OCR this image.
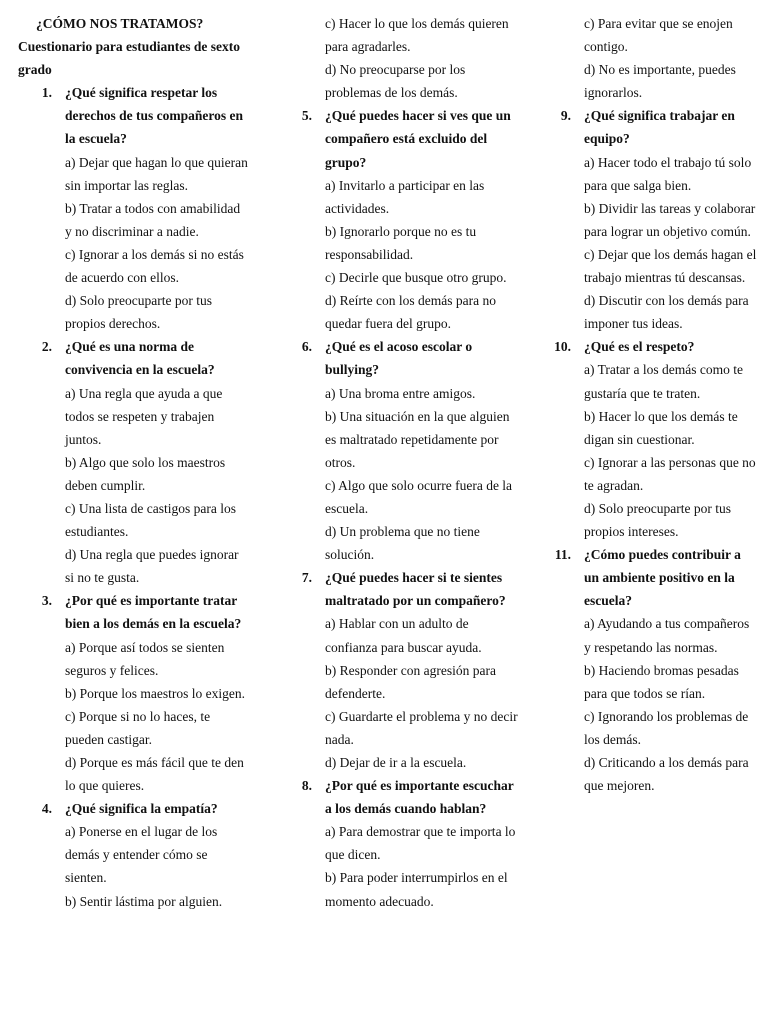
¿CÓMO NOS TRATAMOS?
Cuestionario para estudiantes de sexto grado
1. ¿Qué significa respetar los derechos de tus compañeros en la escuela?
a) Dejar que hagan lo que quieran sin importar las reglas.
b) Tratar a todos con amabilidad y no discriminar a nadie.
c) Ignorar a los demás si no estás de acuerdo con ellos.
d) Solo preocuparte por tus propios derechos.
2. ¿Qué es una norma de convivencia en la escuela?
a) Una regla que ayuda a que todos se respeten y trabajen juntos.
b) Algo que solo los maestros deben cumplir.
c) Una lista de castigos para los estudiantes.
d) Una regla que puedes ignorar si no te gusta.
3. ¿Por qué es importante tratar bien a los demás en la escuela?
a) Porque así todos se sienten seguros y felices.
b) Porque los maestros lo exigen.
c) Porque si no lo haces, te pueden castigar.
d) Porque es más fácil que te den lo que quieres.
4. ¿Qué significa la empatía?
a) Ponerse en el lugar de los demás y entender cómo se sienten.
b) Sentir lástima por alguien.
c) Hacer lo que los demás quieren para agradarles.
d) No preocuparse por los problemas de los demás.
5. ¿Qué puedes hacer si ves que un compañero está excluido del grupo?
a) Invitarlo a participar en las actividades.
b) Ignorarlo porque no es tu responsabilidad.
c) Decirle que busque otro grupo.
d) Reírte con los demás para no quedar fuera del grupo.
6. ¿Qué es el acoso escolar o bullying?
a) Una broma entre amigos.
b) Una situación en la que alguien es maltratado repetidamente por otros.
c) Algo que solo ocurre fuera de la escuela.
d) Un problema que no tiene solución.
7. ¿Qué puedes hacer si te sientes maltratado por un compañero?
a) Hablar con un adulto de confianza para buscar ayuda.
b) Responder con agresión para defenderte.
c) Guardarte el problema y no decir nada.
d) Dejar de ir a la escuela.
8. ¿Por qué es importante escuchar a los demás cuando hablan?
a) Para demostrar que te importa lo que dicen.
b) Para poder interrumpirlos en el momento adecuado.
c) Para evitar que se enojen contigo.
d) No es importante, puedes ignorarlos.
9. ¿Qué significa trabajar en equipo?
a) Hacer todo el trabajo tú solo para que salga bien.
b) Dividir las tareas y colaborar para lograr un objetivo común.
c) Dejar que los demás hagan el trabajo mientras tú descansas.
d) Discutir con los demás para imponer tus ideas.
10. ¿Qué es el respeto?
a) Tratar a los demás como te gustaría que te traten.
b) Hacer lo que los demás te digan sin cuestionar.
c) Ignorar a las personas que no te agradan.
d) Solo preocuparte por tus propios intereses.
11. ¿Cómo puedes contribuir a un ambiente positivo en la escuela?
a) Ayudando a tus compañeros y respetando las normas.
b) Haciendo bromas pesadas para que todos se rían.
c) Ignorando los problemas de los demás.
d) Criticando a los demás para que mejoren.
